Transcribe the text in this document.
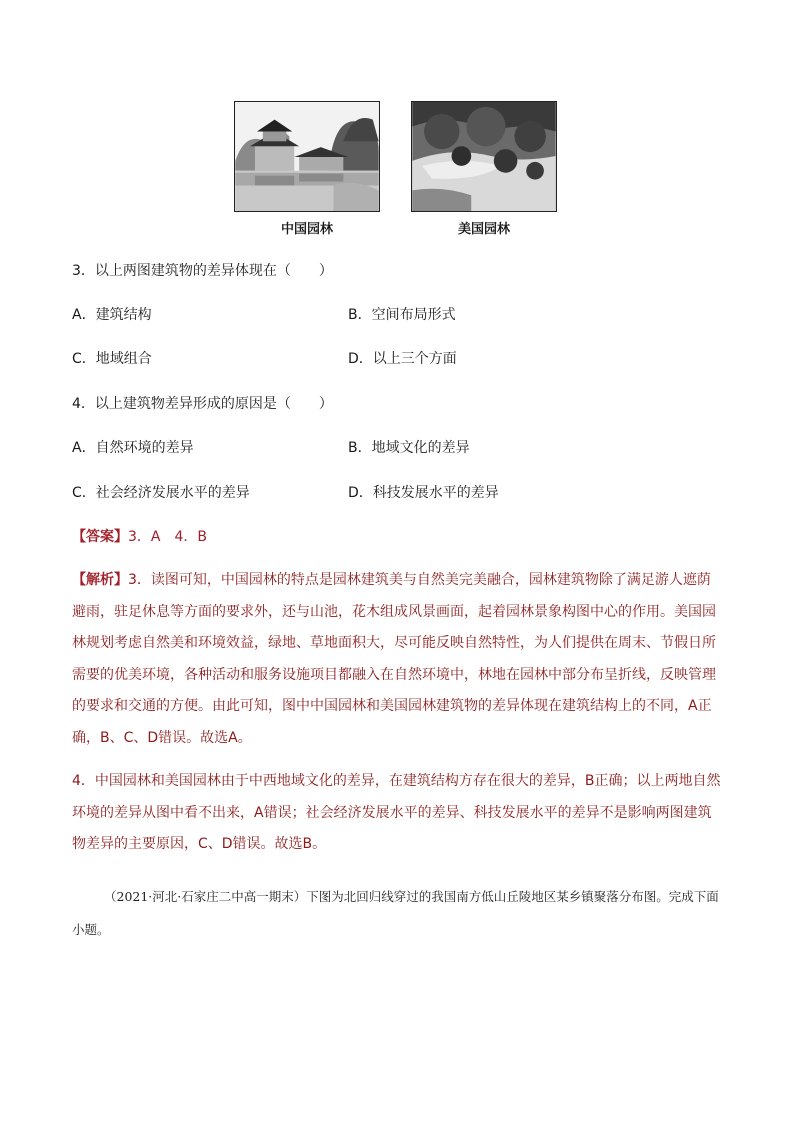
中国园林	美国园林
3．以上两图建筑物的差异体现在（　　）
A．建筑结构	B．空间布局形式
C．地域组合	D．以上三个方面
4．以上建筑物差异形成的原因是（　　）
A．自然环境的差异	B．地域文化的差异
C．社会经济发展水平的差异	D．科技发展水平的差异
【答案】3．A　4．B
【解析】3．读图可知，中国园林的特点是园林建筑美与自然美完美融合，园林建筑物除了满足游人遮荫避雨，驻足休息等方面的要求外，还与山池，花木组成风景画面，起着园林景象构图中心的作用。美国园林规划考虑自然美和环境效益，绿地、草地面积大，尽可能反映自然特性，为人们提供在周末、节假日所需要的优美环境，各种活动和服务设施项目都融入在自然环境中，林地在园林中部分布呈折线，反映管理的要求和交通的方便。由此可知，图中中国园林和美国园林建筑物的差异体现在建筑结构上的不同，A正确，B、C、D错误。故选A。
4．中国园林和美国园林由于中西地域文化的差异，在建筑结构方存在很大的差异，B正确；以上两地自然环境的差异从图中看不出来，A错误；社会经济发展水平的差异、科技发展水平的差异不是影响两图建筑物差异的主要原因，C、D错误。故选B。
（2021·河北·石家庄二中高一期末）下图为北回归线穿过的我国南方低山丘陵地区某乡镇聚落分布图。完成下面小题。
